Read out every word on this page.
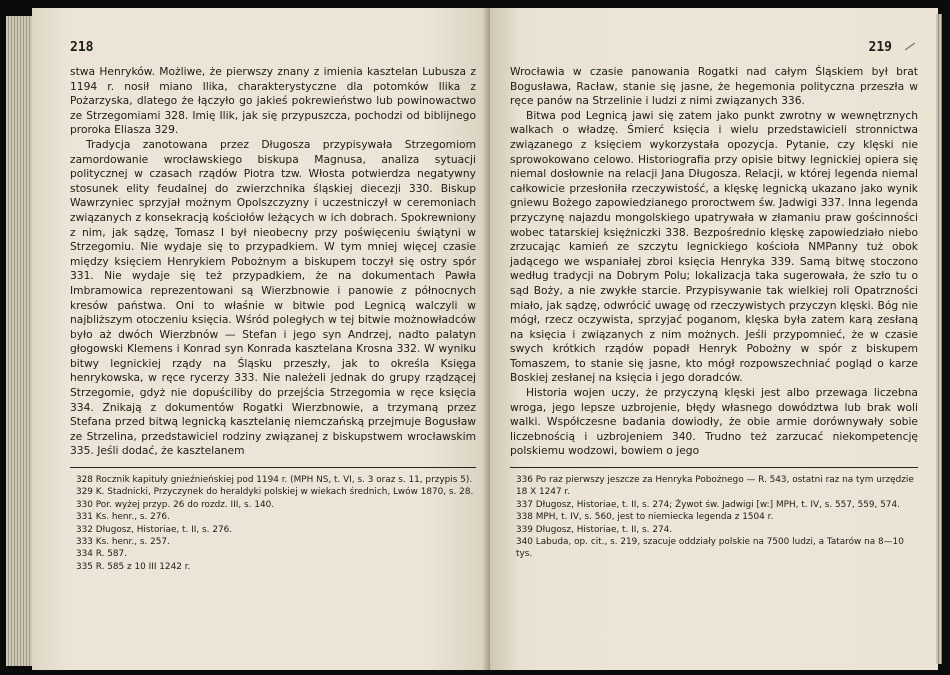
218

stwa Henryków. Możliwe, że pierwszy znany z imienia kasztelan Lubusza z 1194 r. nosił miano Ilika, charakterystyczne dla potomków Ilika z Pożarzyska, dlatego że łączyło go jakieś pokrewieństwo lub powinowactwo ze Strzegomiami 328. Imię Ilik, jak się przypuszcza, pochodzi od biblijnego proroka Eliasza 329.

Tradycja zanotowana przez Długosza przypisywała Strzegomiom zamordowanie wrocławskiego biskupa Magnusa, analiza sytuacji politycznej w czasach rządów Piotra tzw. Włosta potwierdza negatywny stosunek elity feudalnej do zwierzchnika śląskiej diecezji 330. Biskup Wawrzyniec sprzyjał możnym Opolszczyzny i uczestniczył w ceremoniach związanych z konsekracją kościołów leżących w ich dobrach. Spokrewniony z nim, jak sądzę, Tomasz I był nieobecny przy poświęceniu świątyni w Strzegomiu. Nie wydaje się to przypadkiem. W tym mniej więcej czasie między księciem Henrykiem Pobożnym a biskupem toczył się ostry spór 331. Nie wydaje się też przypadkiem, że na dokumentach Pawła Imbramowica reprezentowani są Wierzbnowie i panowie z północnych kresów państwa. Oni to właśnie w bitwie pod Legnicą walczyli w najbliższym otoczeniu księcia. Wśród poległych w tej bitwie możnowładców było aż dwóch Wierzbnów — Stefan i jego syn Andrzej, nadto palatyn głogowski Klemens i Konrad syn Konrada kasztelana Krosna 332. W wyniku bitwy legnickiej rządy na Śląsku przeszły, jak to określa Księga henrykowska, w ręce rycerzy 333. Nie należeli jednak do grupy rządzącej Strzegomie, gdyż nie dopuściliby do przejścia Strzegomia w ręce księcia 334. Znikają z dokumentów Rogatki Wierzbnowie, a trzymaną przez Stefana przed bitwą legnicką kasztelanię niemczańską przejmuje Bogusław ze Strzelina, przedstawiciel rodziny związanej z biskupstwem wrocławskim 335. Jeśli dodać, że kasztelanem

328 Rocznik kapituły gnieźnieńskiej pod 1194 r. (MPH NS, t. VI, s. 3 oraz s. 11, przypis 5).

329 K. Stadnicki, Przyczynek do heraldyki polskiej w wiekach średnich, Lwów 1870, s. 28.

330 Por. wyżej przyp. 26 do rozdz. III, s. 140.

331 Ks. henr., s. 276.

332 Długosz, Historiae, t. II, s. 276.

333 Ks. henr., s. 257.

334 R. 587.

335 R. 585 z 10 III 1242 r.

219

Wrocławia w czasie panowania Rogatki nad całym Śląskiem był brat Bogusława, Racław, stanie się jasne, że hegemonia polityczna przeszła w ręce panów na Strzelinie i ludzi z nimi związanych 336.

Bitwa pod Legnicą jawi się zatem jako punkt zwrotny w wewnętrznych walkach o władzę. Śmierć księcia i wielu przedstawicieli stronnictwa związanego z księciem wykorzystała opozycja. Pytanie, czy klęski nie sprowokowano celowo. Historiografia przy opisie bitwy legnickiej opiera się niemal dosłownie na relacji Jana Długosza. Relacji, w której legenda niemal całkowicie przesłoniła rzeczywistość, a klęskę legnicką ukazano jako wynik gniewu Bożego zapowiedzianego proroctwem św. Jadwigi 337. Inna legenda przyczynę najazdu mongolskiego upatrywała w złamaniu praw gościnności wobec tatarskiej księżniczki 338. Bezpośrednio klęskę zapowiedziało niebo zrzucając kamień ze szczytu legnickiego kościoła NMPanny tuż obok jadącego we wspaniałej zbroi księcia Henryka 339. Samą bitwę stoczono według tradycji na Dobrym Polu; lokalizacja taka sugerowała, że szło tu o sąd Boży, a nie zwykłe starcie. Przypisywanie tak wielkiej roli Opatrzności miało, jak sądzę, odwrócić uwagę od rzeczywistych przyczyn klęski. Bóg nie mógł, rzecz oczywista, sprzyjać poganom, klęska była zatem karą zesłaną na księcia i związanych z nim możnych. Jeśli przypomnieć, że w czasie swych krótkich rządów popadł Henryk Pobożny w spór z biskupem Tomaszem, to stanie się jasne, kto mógł rozpowszechniać pogląd o karze Boskiej zesłanej na księcia i jego doradców.

Historia wojen uczy, że przyczyną klęski jest albo przewaga liczebna wroga, jego lepsze uzbrojenie, błędy własnego dowództwa lub brak woli walki. Współczesne badania dowiodły, że obie armie dorównywały sobie liczebnością i uzbrojeniem 340. Trudno też zarzucać niekompetencję polskiemu wodzowi, bowiem o jego

336 Po raz pierwszy jeszcze za Henryka Pobożnego — R. 543, ostatni raz na tym urzędzie 18 X 1247 r.

337 Długosz, Historiae, t. II, s. 274; Żywot św. Jadwigi [w:] MPH, t. IV, s. 557, 559, 574.

338 MPH, t. IV, s. 560, jest to niemiecka legenda z 1504 r.

339 Długosz, Historiae, t. II, s. 274.

340 Labuda, op. cit., s. 219, szacuje oddziały polskie na 7500 ludzi, a Tatarów na 8—10 tys.
